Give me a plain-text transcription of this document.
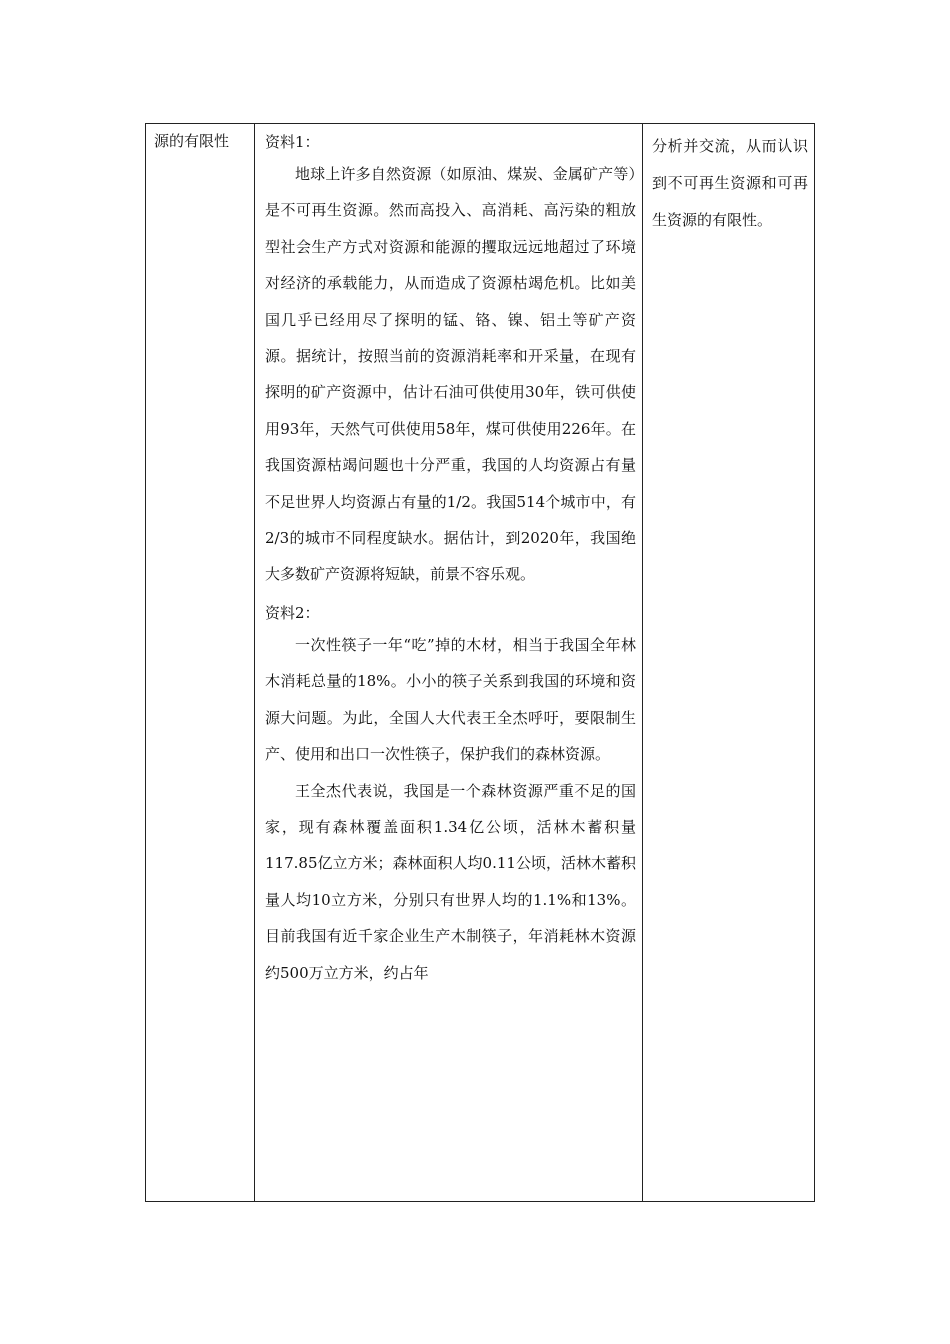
源的有限性	资料1：

地球上许多自然资源（如原油、煤炭、金属矿产等）是不可再生资源。然而高投入、高消耗、高污染的粗放型社会生产方式对资源和能源的攫取远远地超过了环境对经济的承载能力，从而造成了资源枯竭危机。比如美国几乎已经用尽了探明的锰、铬、镍、铝土等矿产资源。据统计，按照当前的资源消耗率和开采量，在现有探明的矿产资源中，估计石油可供使用30年，铁可供使用93年，天然气可供使用58年，煤可供使用226年。在我国资源枯竭问题也十分严重，我国的人均资源占有量不足世界人均资源占有量的1/2。我国514个城市中，有2/3的城市不同程度缺水。据估计，到2020年，我国绝大多数矿产资源将短缺，前景不容乐观。

资料2：

一次性筷子一年“吃”掉的木材，相当于我国全年林木消耗总量的18%。小小的筷子关系到我国的环境和资源大问题。为此，全国人大代表王全杰呼吁，要限制生产、使用和出口一次性筷子，保护我们的森林资源。

王全杰代表说，我国是一个森林资源严重不足的国家，现有森林覆盖面积1.34亿公顷，活林木蓄积量117.85亿立方米；森林面积人均0.11公顷，活林木蓄积量人均10立方米，分别只有世界人均的1.1%和13%。目前我国有近千家企业生产木制筷子，年消耗林木资源约500万立方米，约占年

分析并交流，从而认识到不可再生资源和可再生资源的有限性。
